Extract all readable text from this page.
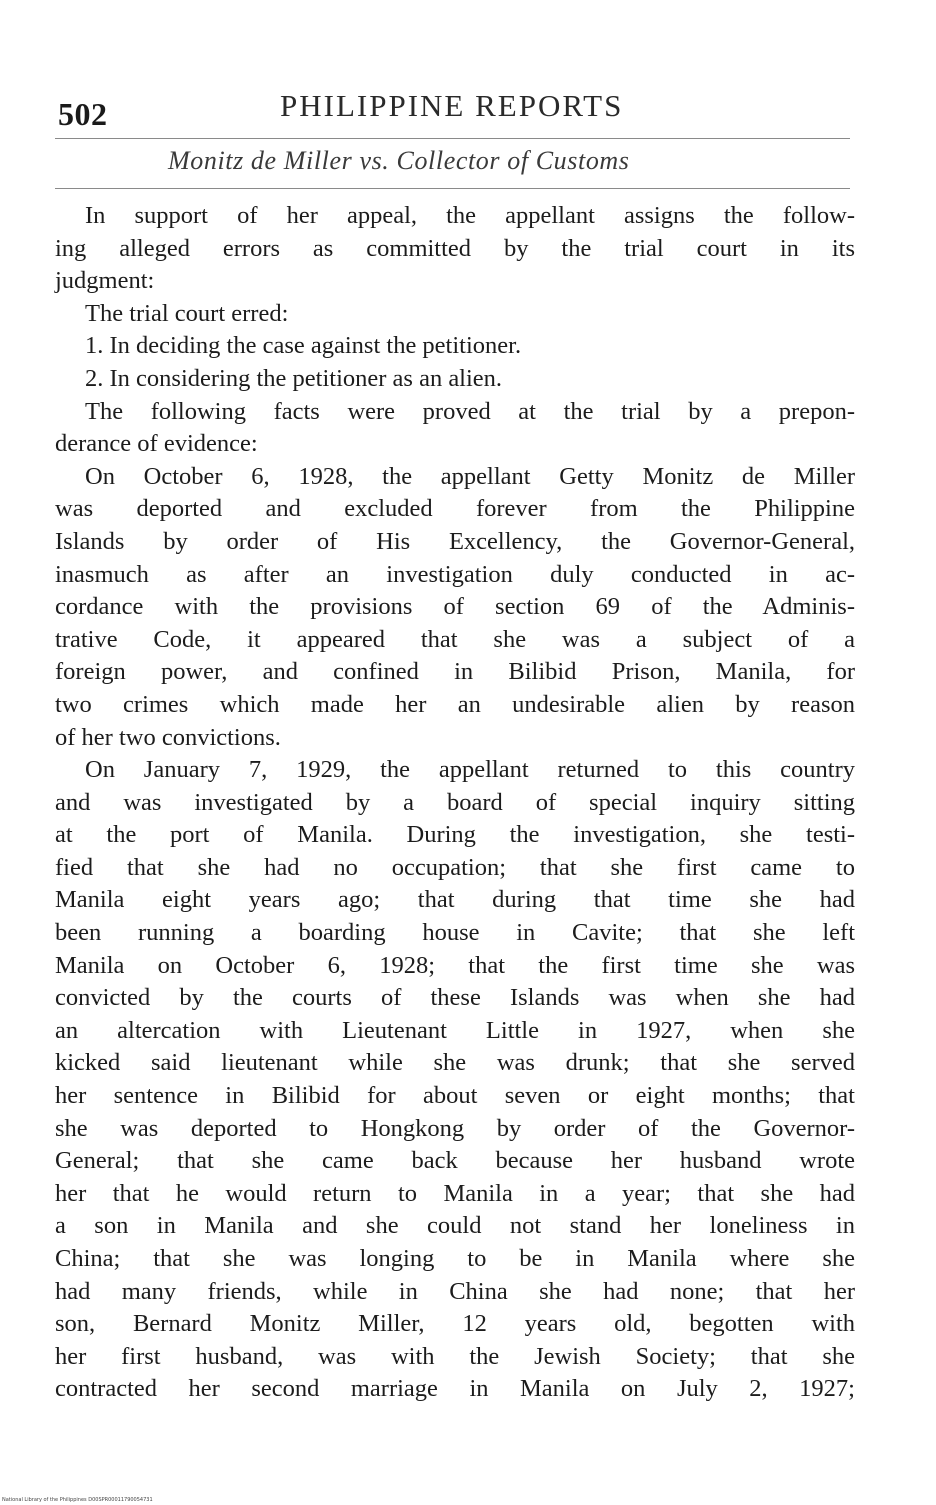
502	PHILIPPINE REPORTS
Monitz de Miller vs. Collector of Customs
In support of her appeal, the appellant assigns the follow-
ing alleged errors as committed by the trial court in its
judgment:
The trial court erred:
1. In deciding the case against the petitioner.
2. In considering the petitioner as an alien.
The following facts were proved at the trial by a prepon-
derance of evidence:
On October 6, 1928, the appellant Getty Monitz de Miller
was deported and excluded forever from the Philippine
Islands by order of His Excellency, the Governor-General,
inasmuch as after an investigation duly conducted in ac-
cordance with the provisions of section 69 of the Adminis-
trative Code, it appeared that she was a subject of a
foreign power, and confined in Bilibid Prison, Manila, for
two crimes which made her an undesirable alien by reason
of her two convictions.
On January 7, 1929, the appellant returned to this country
and was investigated by a board of special inquiry sitting
at the port of Manila. During the investigation, she testi-
fied that she had no occupation; that she first came to
Manila eight years ago; that during that time she had
been running a boarding house in Cavite; that she left
Manila on October 6, 1928; that the first time she was
convicted by the courts of these Islands was when she had
an altercation with Lieutenant Little in 1927, when she
kicked said lieutenant while she was drunk; that she served
her sentence in Bilibid for about seven or eight months; that
she was deported to Hongkong by order of the Governor-
General; that she came back because her husband wrote
her that he would return to Manila in a year; that she had
a son in Manila and she could not stand her loneliness in
China; that she was longing to be in Manila where she
had many friends, while in China she had none; that her
son, Bernard Monitz Miller, 12 years old, begotten with
her first husband, was with the Jewish Society; that she
contracted her second marriage in Manila on July 2, 1927;
National Library of the Philippines D00SPR00011790054731
